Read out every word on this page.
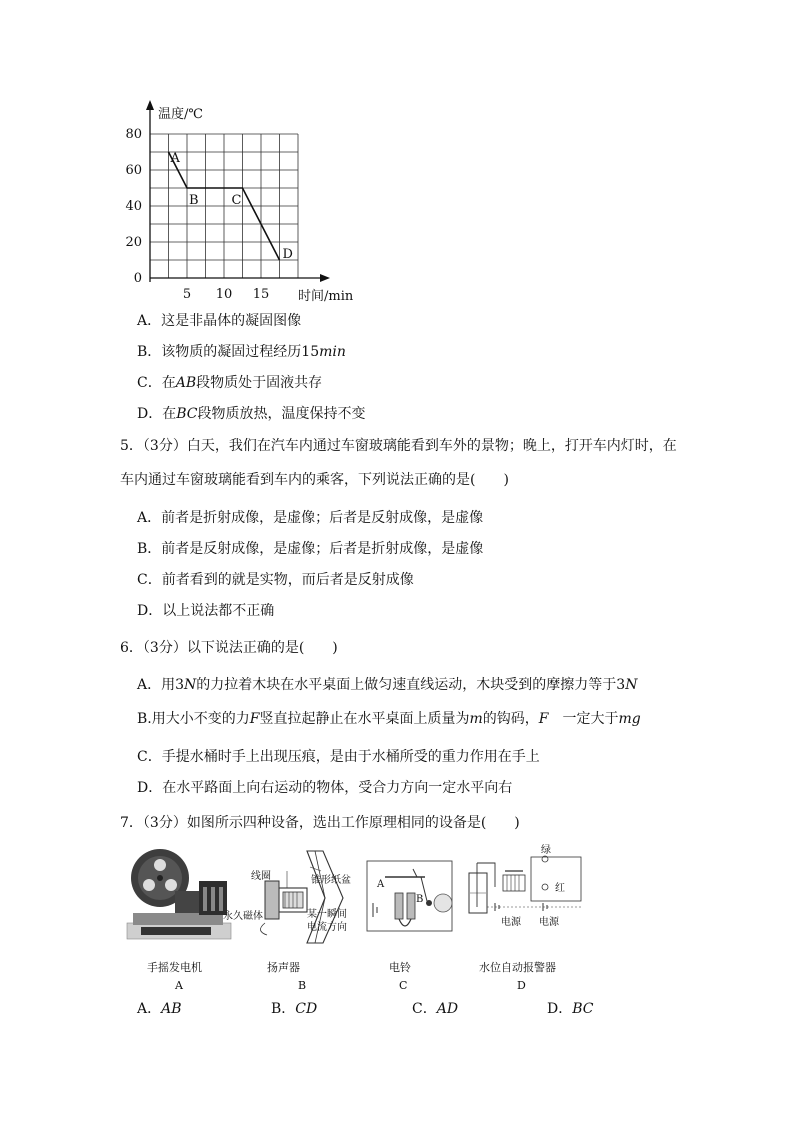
温度/℃
时间/min
0
20
40
60
80
5 10 15
A
B	C
D
A．这是非晶体的凝固图像
B．该物质的凝固过程经历15min
C．在AB段物质处于固液共存
D．在BC段物质放热，温度保持不变
5．（3分）白天，我们在汽车内通过车窗玻璃能看到车外的景物；晚上，打开车内灯时，在
车内通过车窗玻璃能看到车内的乘客，下列说法正确的是(　　)
A．前者是折射成像，是虚像；后者是反射成像，是虚像
B．前者是反射成像，是虚像；后者是折射成像，是虚像
C．前者看到的就是实物，而后者是反射成像
D．以上说法都不正确
6．（3分）以下说法正确的是(　　)
A．用3N的力拉着木块在水平桌面上做匀速直线运动，木块受到的摩擦力等于3N
B.用大小不变的力F竖直拉起静止在水平桌面上质量为m的钩码，F　一定大于mg
C．手提水桶时手上出现压痕，是由于水桶所受的重力作用在手上
D．在水平路面上向右运动的物体，受合力方向一定水平向右
7．（3分）如图所示四种设备，选出工作原理相同的设备是(　　)
手摇发电机
A
线圈	锥形纸盆
永久磁体	某一瞬间
电流方向
扬声器
B
A
B
电铃
C
绿
红
电源 电源
水位自动报警器
D
A．AB	B．CD	C．AD	D．BC
